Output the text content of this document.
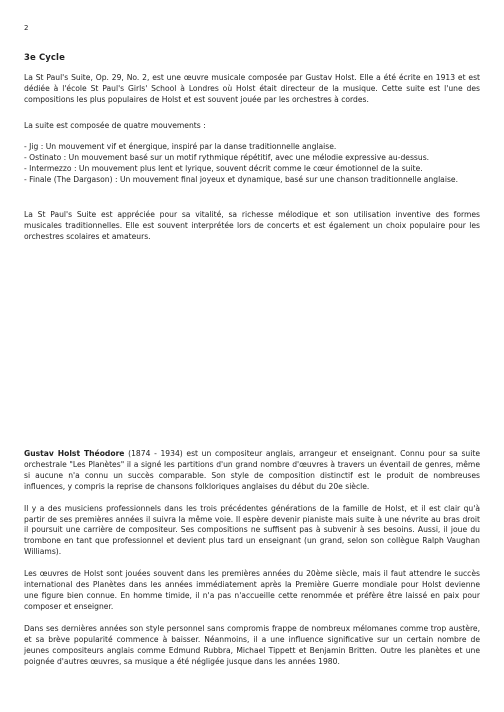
2
3e Cycle

La St Paul's Suite, Op. 29, No. 2, est une œuvre musicale composée par Gustav Holst. Elle a été écrite en 1913 et est dédiée à l'école St Paul's Girls' School à Londres où Holst était directeur de la musique. Cette suite est l'une des compositions les plus populaires de Holst et est souvent jouée par les orchestres à cordes.

La suite est composée de quatre mouvements :

- Jig : Un mouvement vif et énergique, inspiré par la danse traditionnelle anglaise.
- Ostinato : Un mouvement basé sur un motif rythmique répétitif, avec une mélodie expressive au-dessus.
- Intermezzo : Un mouvement plus lent et lyrique, souvent décrit comme le cœur émotionnel de la suite.
- Finale (The Dargason) : Un mouvement final joyeux et dynamique, basé sur une chanson traditionnelle anglaise.

La St Paul's Suite est appréciée pour sa vitalité, sa richesse mélodique et son utilisation inventive des formes musicales traditionnelles. Elle est souvent interprétée lors de concerts et est également un choix populaire pour les orchestres scolaires et amateurs.

Gustav Holst Théodore (1874 - 1934) est un compositeur anglais, arrangeur et enseignant. Connu pour sa suite orchestrale "Les Planètes" il a signé les partitions d'un grand nombre d'œuvres à travers un éventail de genres, même si aucune n'a connu un succès comparable. Son style de composition distinctif est le produit de nombreuses influences, y compris la reprise de chansons folkloriques anglaises du début du 20e siècle.

Il y a des musiciens professionnels dans les trois précédentes générations de la famille de Holst, et il est clair qu'à partir de ses premières années il suivra la même voie. Il espère devenir pianiste mais suite à une névrite au bras droit il poursuit une carrière de compositeur. Ses compositions ne suffisent pas à subvenir à ses besoins. Aussi, il joue du trombone en tant que professionnel et devient plus tard un enseignant (un grand, selon son collègue Ralph Vaughan Williams).

Les œuvres de Holst sont jouées souvent dans les premières années du 20ème siècle, mais il faut attendre le succès international des Planètes dans les années immédiatement après la Première Guerre mondiale pour Holst devienne une figure bien connue. En homme timide, il n'a pas n'accueille cette renommée et préfère être laissé en paix pour composer et enseigner.

Dans ses dernières années son style personnel sans compromis frappe de nombreux mélomanes comme trop austère, et sa brève popularité commence à baisser. Néanmoins, il a une influence significative sur un certain nombre de jeunes compositeurs anglais comme Edmund Rubbra, Michael Tippett et Benjamin Britten. Outre les planètes et une poignée d'autres œuvres, sa musique a été négligée jusque dans les années 1980.
